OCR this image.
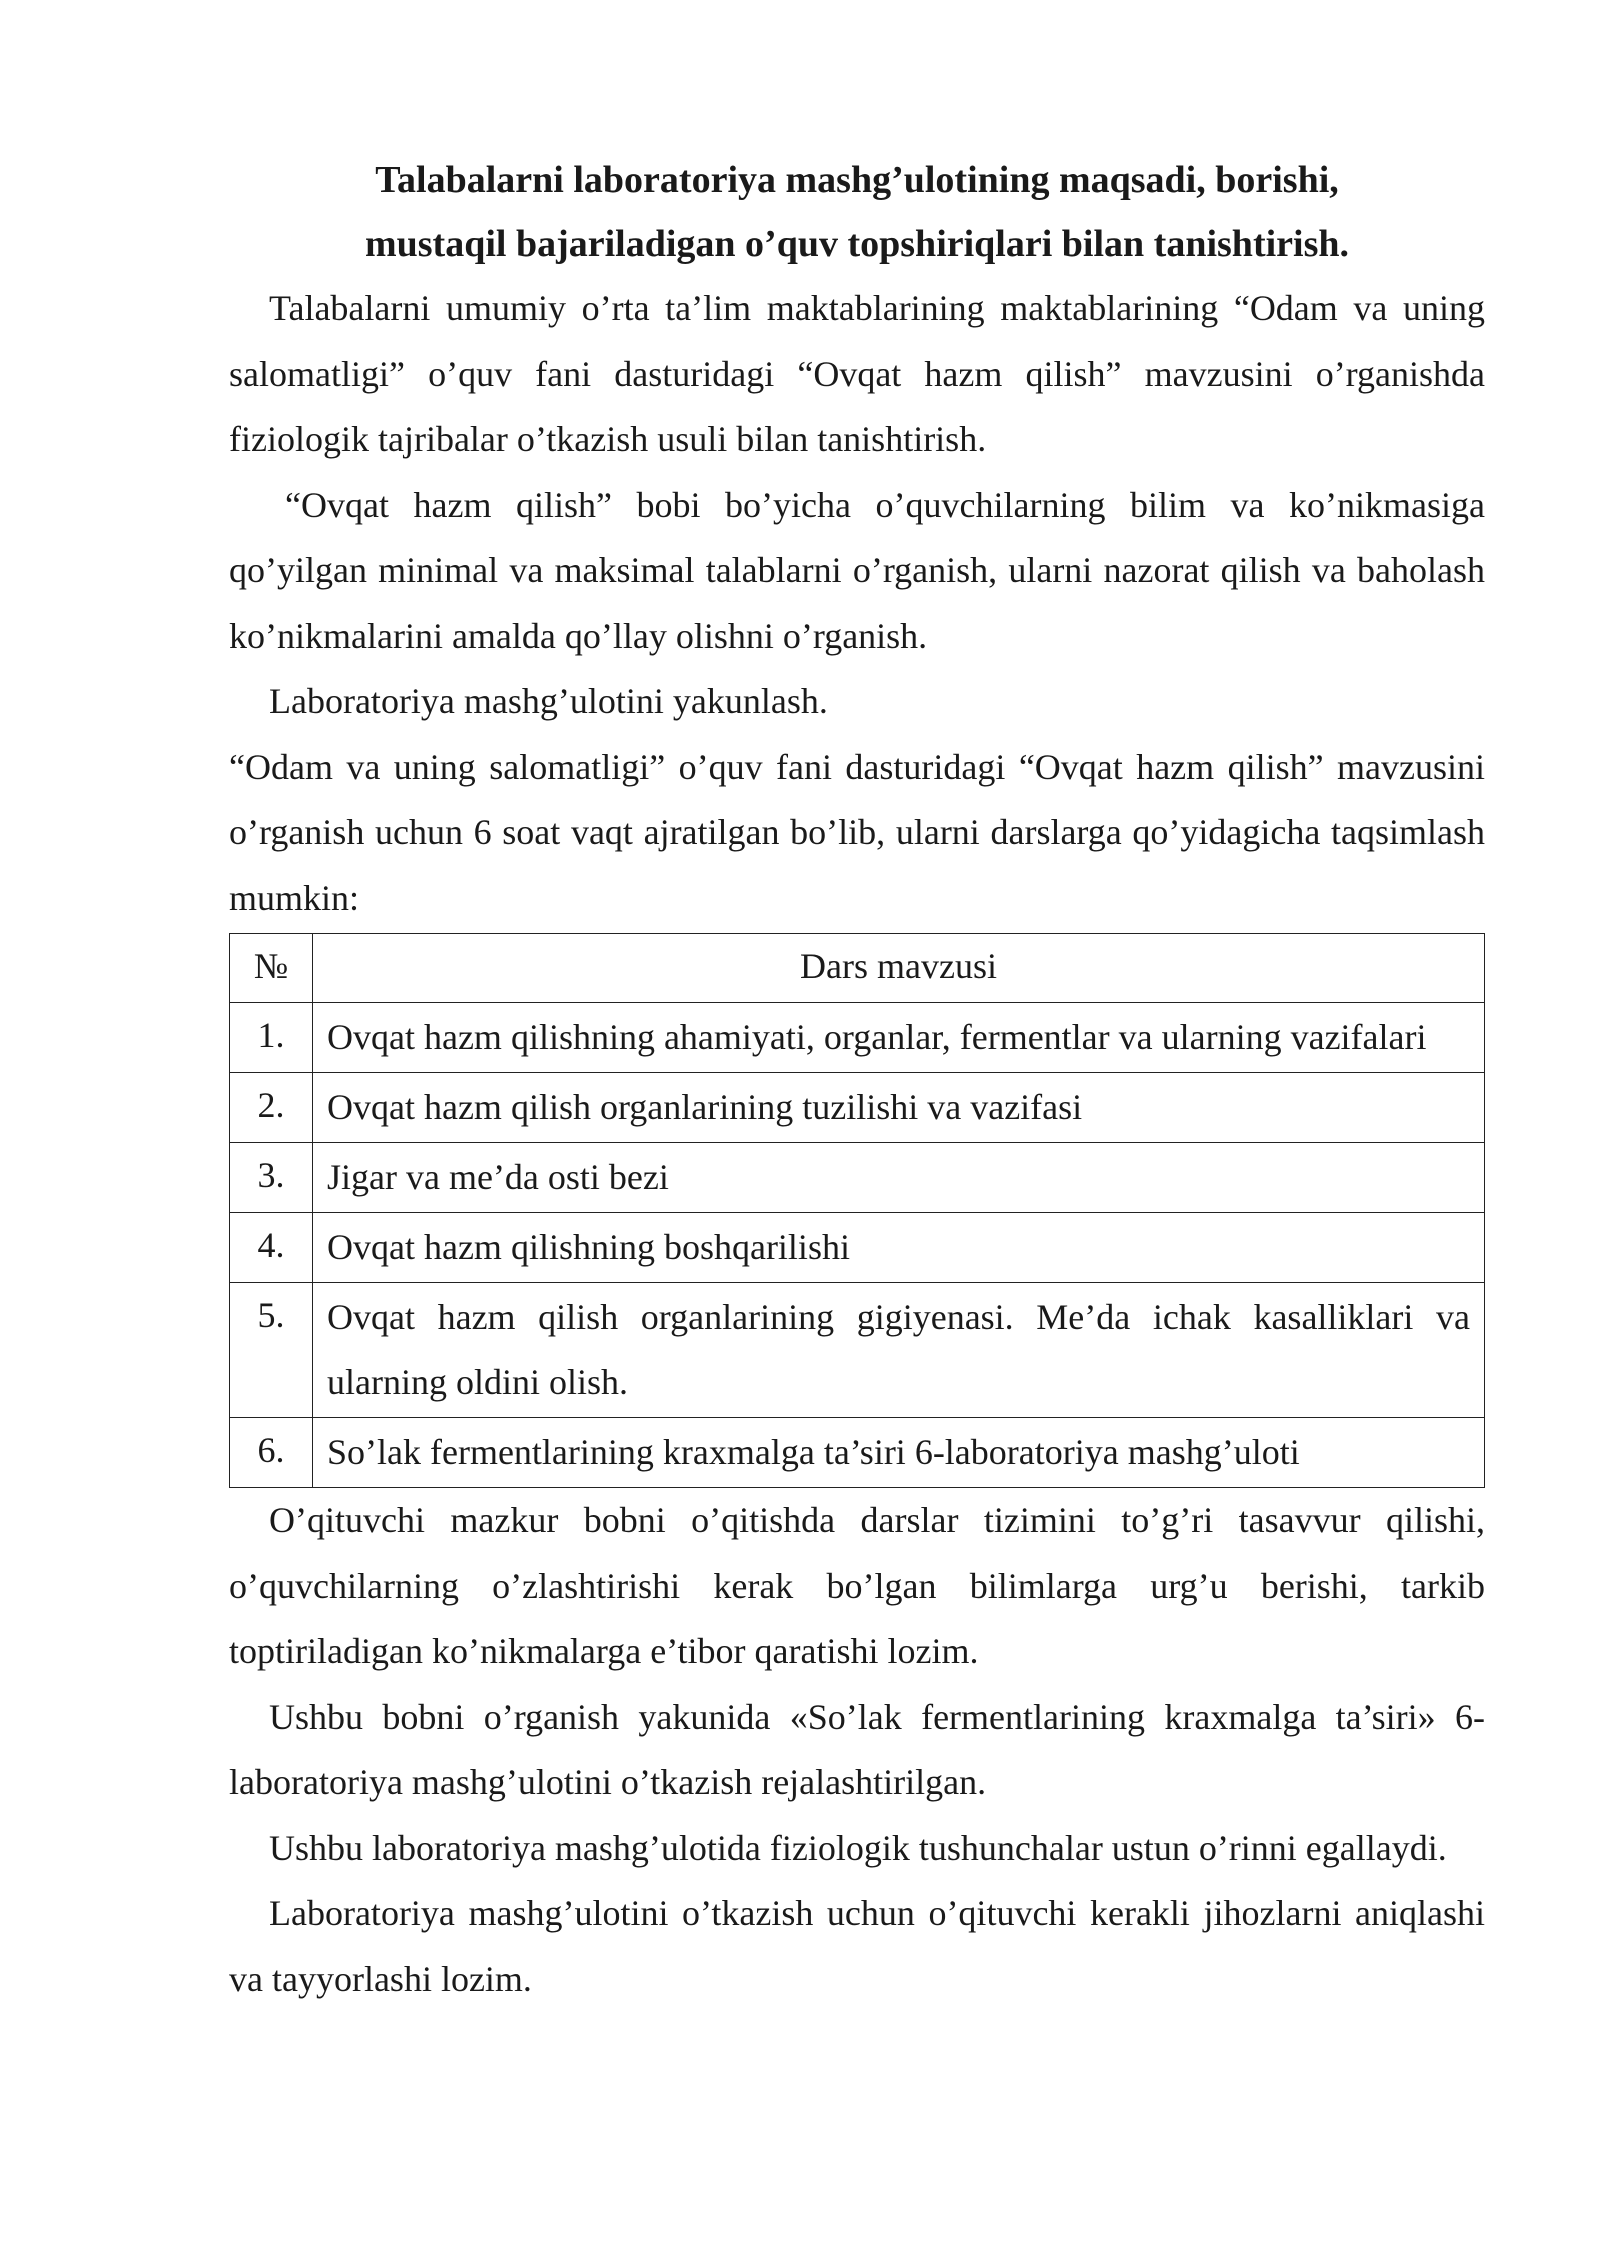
Talabalarni laboratoriya mashg’ulotining maqsadi, borishi,
mustaqil bajariladigan o’quv topshiriqlari bilan tanishtirish.

Talabalarni umumiy o’rta ta’lim maktablarining maktablarining “Odam va uning salomatligi” o’quv fani dasturidagi “Ovqat hazm qilish” mavzusini o’rganishda fiziologik tajribalar o’tkazish usuli bilan tanishtirish.

“Ovqat hazm qilish” bobi bo’yicha o’quvchilarning bilim va ko’nikmasiga qo’yilgan minimal va maksimal talablarni o’rganish, ularni nazorat qilish va baholash ko’nikmalarini amalda qo’llay olishni o’rganish.

Laboratoriya mashg’ulotini yakunlash.

“Odam va uning salomatligi” o’quv fani dasturidagi “Ovqat hazm qilish” mavzusini o’rganish uchun 6 soat vaqt ajratilgan bo’lib, ularni darslarga qo’yidagicha taqsimlash mumkin:

№	Dars mavzusi
1.	Ovqat hazm qilishning ahamiyati, organlar, fermentlar va ularning vazifalari
2.	Ovqat hazm qilish organlarining tuzilishi va vazifasi
3.	Jigar va me’da osti bezi
4.	Ovqat hazm qilishning boshqarilishi
5.	Ovqat hazm qilish organlarining gigiyenasi. Me’da ichak kasalliklari va ularning oldini olish.
6.	So’lak fermentlarining kraxmalga ta’siri 6-laboratoriya mashg’uloti

O’qituvchi mazkur bobni o’qitishda darslar tizimini to’g’ri tasavvur qilishi, o’quvchilarning o’zlashtirishi kerak bo’lgan bilimlarga urg’u berishi, tarkib toptiriladigan ko’nikmalarga e’tibor qaratishi lozim.

Ushbu bobni o’rganish yakunida «So’lak fermentlarining kraxmalga ta’siri» 6-laboratoriya mashg’ulotini o’tkazish rejalashtirilgan.

Ushbu laboratoriya mashg’ulotida fiziologik tushunchalar ustun o’rinni egallaydi.

Laboratoriya mashg’ulotini o’tkazish uchun o’qituvchi kerakli jihozlarni aniqlashi va tayyorlashi lozim.
